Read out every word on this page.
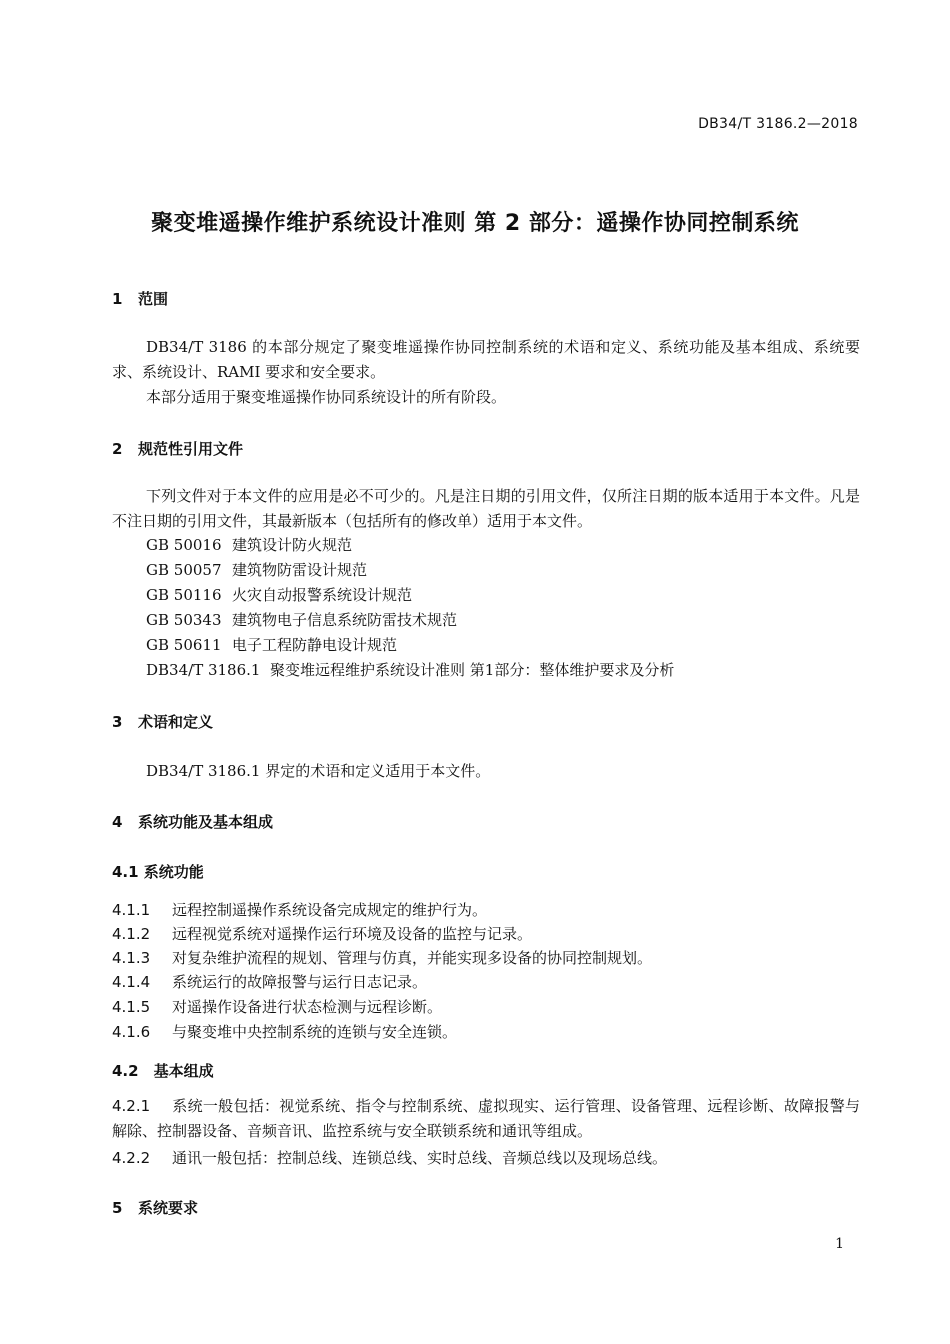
DB34/T 3186.2—2018
聚变堆遥操作维护系统设计准则 第 2 部分：遥操作协同控制系统
1 范围
DB34/T 3186 的本部分规定了聚变堆遥操作协同控制系统的术语和定义、系统功能及基本组成、系统要求、系统设计、RAMI 要求和安全要求。
本部分适用于聚变堆遥操作协同系统设计的所有阶段。
2 规范性引用文件
下列文件对于本文件的应用是必不可少的。凡是注日期的引用文件，仅所注日期的版本适用于本文件。凡是不注日期的引用文件，其最新版本（包括所有的修改单）适用于本文件。
GB 50016 建筑设计防火规范
GB 50057 建筑物防雷设计规范
GB 50116 火灾自动报警系统设计规范
GB 50343 建筑物电子信息系统防雷技术规范
GB 50611 电子工程防静电设计规范
DB34/T 3186.1 聚变堆远程维护系统设计准则 第1部分：整体维护要求及分析
3 术语和定义
DB34/T 3186.1 界定的术语和定义适用于本文件。
4 系统功能及基本组成
4.1 系统功能
4.1.1 远程控制遥操作系统设备完成规定的维护行为。
4.1.2 远程视觉系统对遥操作运行环境及设备的监控与记录。
4.1.3 对复杂维护流程的规划、管理与仿真，并能实现多设备的协同控制规划。
4.1.4 系统运行的故障报警与运行日志记录。
4.1.5 对遥操作设备进行状态检测与远程诊断。
4.1.6 与聚变堆中央控制系统的连锁与安全连锁。
4.2　基本组成
4.2.1 系统一般包括：视觉系统、指令与控制系统、虚拟现实、运行管理、设备管理、远程诊断、故障报警与解除、控制器设备、音频音讯、监控系统与安全联锁系统和通讯等组成。
4.2.2 通讯一般包括：控制总线、连锁总线、实时总线、音频总线以及现场总线。
5 系统要求
1
